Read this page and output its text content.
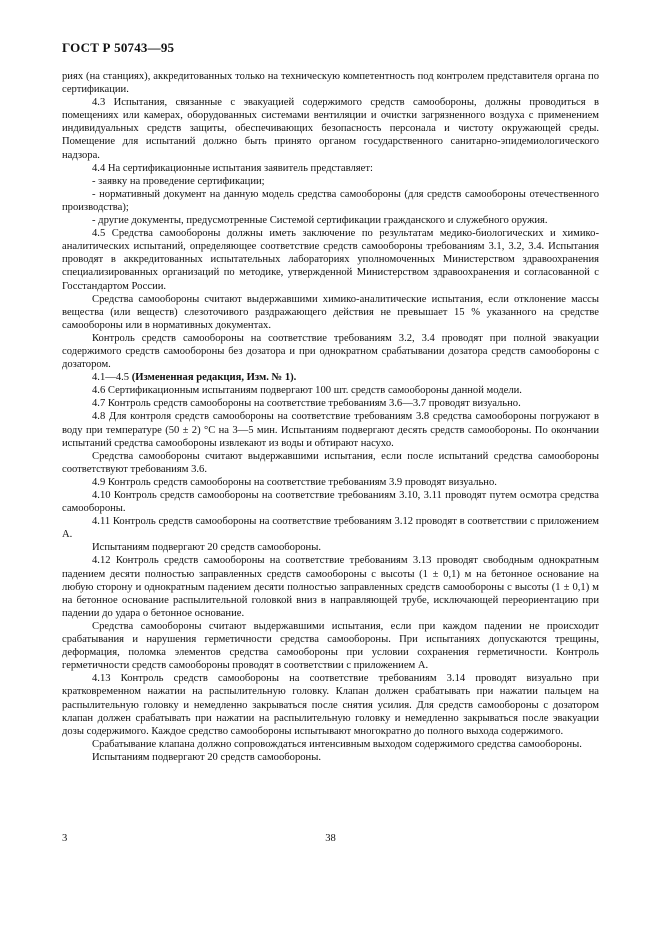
ГОСТ Р 50743—95

риях (на станциях), аккредитованных только на техническую компетентность под контролем представителя органа по сертификации.

4.3 Испытания, связанные с эвакуацией содержимого средств самообороны, должны проводиться в помещениях или камерах, оборудованных системами вентиляции и очистки загрязненного воздуха с применением индивидуальных средств защиты, обеспечивающих безопасность персонала и чистоту окружающей среды. Помещение для испытаний должно быть принято органом государственного санитарно-эпидемиологического надзора.

4.4 На сертификационные испытания заявитель представляет:

- заявку на проведение сертификации;

- нормативный документ на данную модель средства самообороны (для средств самообороны отечественного производства);

- другие документы, предусмотренные Системой сертификации гражданского и служебного оружия.

4.5 Средства самообороны должны иметь заключение по результатам медико-биологических и химико-аналитических испытаний, определяющее соответствие средств самообороны требованиям 3.1, 3.2, 3.4. Испытания проводят в аккредитованных испытательных лабораториях уполномоченных Министерством здравоохранения специализированных организаций по методике, утвержденной Министерством здравоохранения и согласованной с Госстандартом России.

Средства самообороны считают выдержавшими химико-аналитические испытания, если отклонение массы вещества (или веществ) слезоточивого раздражающего действия не превышает 15 % указанного на средстве самообороны или в нормативных документах.

Контроль средств самообороны на соответствие требованиям 3.2, 3.4 проводят при полной эвакуации содержимого средств самообороны без дозатора и при однократном срабатывании дозатора средств самообороны с дозатором.

4.1—4.5 (Измененная редакция, Изм. № 1).

4.6 Сертификационным испытаниям подвергают 100 шт. средств самообороны данной модели.

4.7 Контроль средств самообороны на соответствие требованиям 3.6—3.7 проводят визуально.

4.8 Для контроля средств самообороны на соответствие требованиям 3.8 средства самообороны погружают в воду при температуре (50 ± 2) °С на 3—5 мин. Испытаниям подвергают десять средств самообороны. По окончании испытаний средства самообороны извлекают из воды и обтирают насухо.

Средства самообороны считают выдержавшими испытания, если после испытаний средства самообороны соответствуют требованиям 3.6.

4.9 Контроль средств самообороны на соответствие требованиям 3.9 проводят визуально.

4.10 Контроль средств самообороны на соответствие требованиям 3.10, 3.11 проводят путем осмотра средства самообороны.

4.11 Контроль средств самообороны на соответствие требованиям 3.12 проводят в соответствии с приложением А.

Испытаниям подвергают 20 средств самообороны.

4.12 Контроль средств самообороны на соответствие требованиям 3.13 проводят свободным однократным падением десяти полностью заправленных средств самообороны с высоты (1 ± 0,1) м на бетонное основание на любую сторону и однократным падением десяти полностью заправленных средств самообороны с высоты (1 ± 0,1) м на бетонное основание распылительной головкой вниз в направляющей трубе, исключающей переориентацию при падении до удара о бетонное основание.

Средства самообороны считают выдержавшими испытания, если при каждом падении не происходит срабатывания и нарушения герметичности средства самообороны. При испытаниях допускаются трещины, деформация, поломка элементов средства самообороны при условии сохранения герметичности. Контроль герметичности средств самообороны проводят в соответствии с приложением А.

4.13 Контроль средств самообороны на соответствие требованиям 3.14 проводят визуально при кратковременном нажатии на распылительную головку. Клапан должен срабатывать при нажатии пальцем на распылительную головку и немедленно закрываться после снятия усилия. Для средств самообороны с дозатором клапан должен срабатывать при нажатии на распылительную головку и немедленно закрываться после эвакуации дозы содержимого. Каждое средство самообороны испытывают многократно до полного выхода содержимого.

Срабатывание клапана должно сопровождаться интенсивным выходом содержимого средства самообороны.

Испытаниям подвергают 20 средств самообороны.

3	38
